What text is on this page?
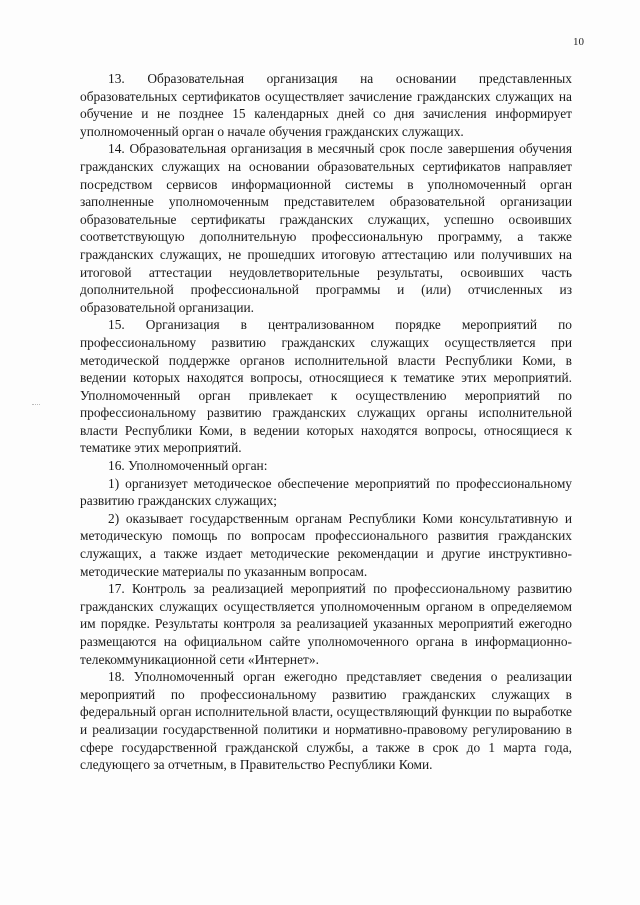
10

13. Образовательная организация на основании представленных образовательных сертификатов осуществляет зачисление гражданских служащих на обучение и не позднее 15 календарных дней со дня зачисления информирует уполномоченный орган о начале обучения гражданских служащих.

14. Образовательная организация в месячный срок после завершения обучения гражданских служащих на основании образовательных сертификатов направляет посредством сервисов информационной системы в уполномоченный орган заполненные уполномоченным представителем образовательной организации образовательные сертификаты гражданских служащих, успешно освоивших соответствующую дополнительную профессиональную программу, а также гражданских служащих, не прошедших итоговую аттестацию или получивших на итоговой аттестации неудовлетворительные результаты, освоивших часть дополнительной профессиональной программы и (или) отчисленных из образовательной организации.

15. Организация в централизованном порядке мероприятий по профессиональному развитию гражданских служащих осуществляется при методической поддержке органов исполнительной власти Республики Коми, в ведении которых находятся вопросы, относящиеся к тематике этих мероприятий. Уполномоченный орган привлекает к осуществлению мероприятий по профессиональному развитию гражданских служащих органы исполнительной власти Республики Коми, в ведении которых находятся вопросы, относящиеся к тематике этих мероприятий.

16. Уполномоченный орган:

1) организует методическое обеспечение мероприятий по профессиональному развитию гражданских служащих;

2) оказывает государственным органам Республики Коми консультативную и методическую помощь по вопросам профессионального развития гражданских служащих, а также издает методические рекомендации и другие инструктивно-методические материалы по указанным вопросам.

17. Контроль за реализацией мероприятий по профессиональному развитию гражданских служащих осуществляется уполномоченным органом в определяемом им порядке. Результаты контроля за реализацией указанных мероприятий ежегодно размещаются на официальном сайте уполномоченного органа в информационно-телекоммуникационной сети «Интернет».

18. Уполномоченный орган ежегодно представляет сведения о реализации мероприятий по профессиональному развитию гражданских служащих в федеральный орган исполнительной власти, осуществляющий функции по выработке и реализации государственной политики и нормативно-правовому регулированию в сфере государственной гражданской службы, а также в срок до 1 марта года, следующего за отчетным, в Правительство Республики Коми.
